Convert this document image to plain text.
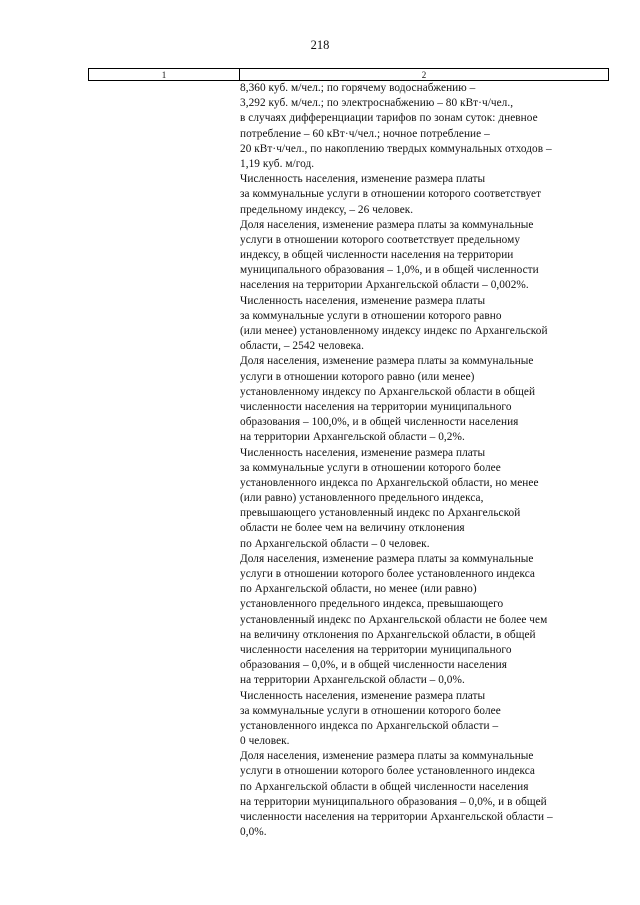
218
1	2
8,360 куб. м/чел.; по горячему водоснабжению –
3,292 куб. м/чел.; по электроснабжению – 80 кВт·ч/чел.,
в случаях дифференциации тарифов по зонам суток: дневное
потребление – 60 кВт·ч/чел.; ночное потребление –
20 кВт·ч/чел., по накоплению твердых коммунальных отходов –
1,19 куб. м/год.
Численность населения, изменение размера платы
за коммунальные услуги в отношении которого соответствует
предельному индексу, – 26 человек.
Доля населения, изменение размера платы за коммунальные
услуги в отношении которого соответствует предельному
индексу, в общей численности населения на территории
муниципального образования – 1,0%, и в общей численности
населения на территории Архангельской области – 0,002%.
Численность населения, изменение размера платы
за коммунальные услуги в отношении которого равно
(или менее) установленному индексу индекс по Архангельской
области, – 2542 человека.
Доля населения, изменение размера платы за коммунальные
услуги в отношении которого равно (или менее)
установленному индексу по Архангельской области в общей
численности населения на территории муниципального
образования – 100,0%, и в общей численности населения
на территории Архангельской области – 0,2%.
Численность населения, изменение размера платы
за коммунальные услуги в отношении которого более
установленного индекса по Архангельской области, но менее
(или равно) установленного предельного индекса,
превышающего установленный индекс по Архангельской
области не более чем на величину отклонения
по Архангельской области – 0 человек.
Доля населения, изменение размера платы за коммунальные
услуги в отношении которого более установленного индекса
по Архангельской области, но менее (или равно)
установленного предельного индекса, превышающего
установленный индекс по Архангельской области не более чем
на величину отклонения по Архангельской области, в общей
численности населения на территории муниципального
образования – 0,0%, и в общей численности населения
на территории Архангельской области – 0,0%.
Численность населения, изменение размера платы
за коммунальные услуги в отношении которого более
установленного индекса по Архангельской области –
0 человек.
Доля населения, изменение размера платы за коммунальные
услуги в отношении которого более установленного индекса
по Архангельской области в общей численности населения
на территории муниципального образования – 0,0%, и в общей
численности населения на территории Архангельской области –
0,0%.
